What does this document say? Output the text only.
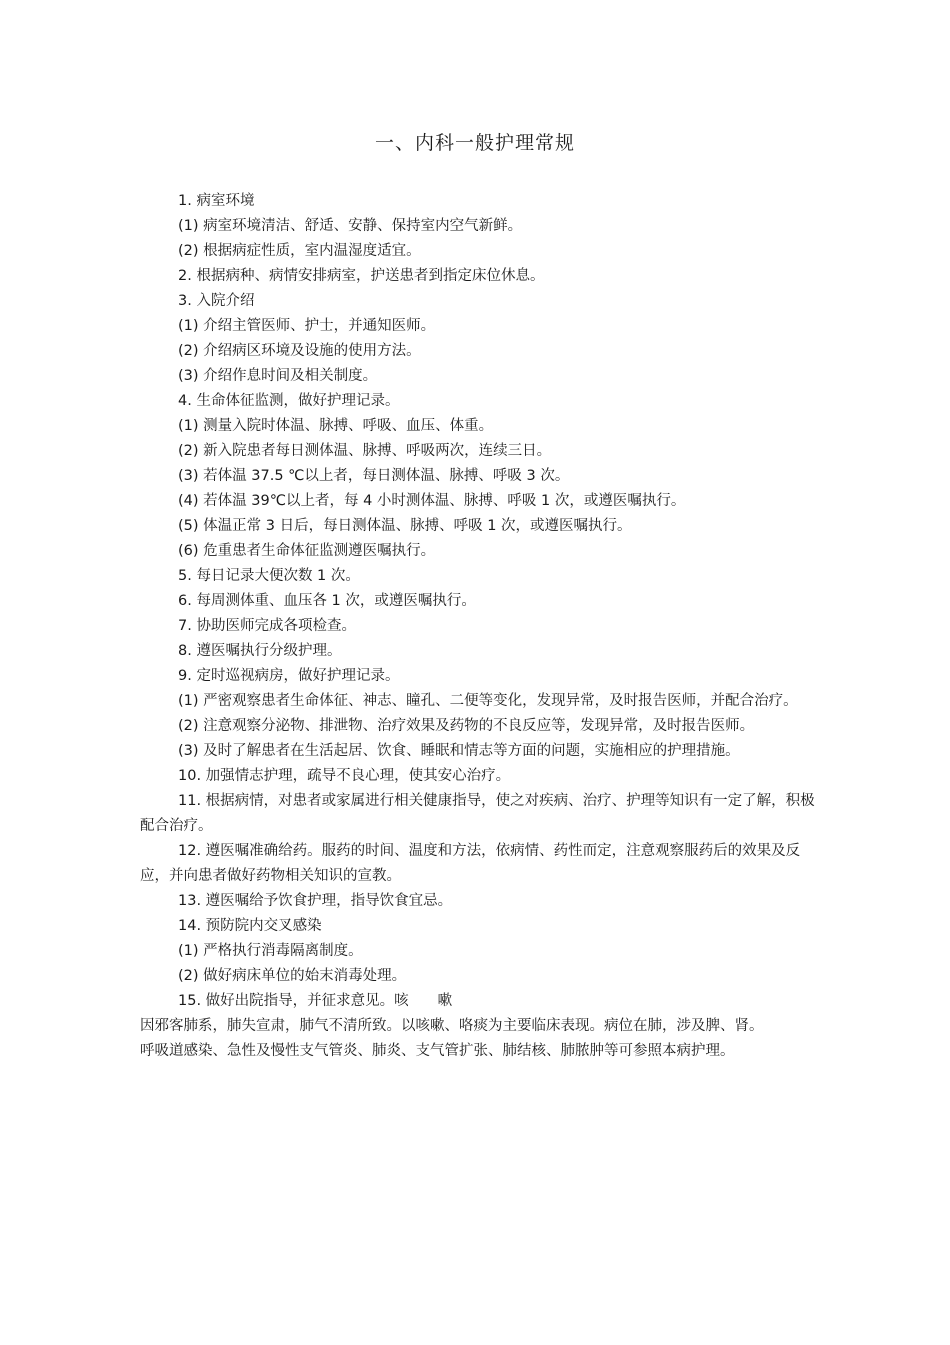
一、内科一般护理常规
1. 病室环境
(1) 病室环境清洁、舒适、安静、保持室内空气新鲜。
(2) 根据病症性质，室内温湿度适宜。
2. 根据病种、病情安排病室，护送患者到指定床位休息。
3. 入院介绍
(1) 介绍主管医师、护士，并通知医师。
(2) 介绍病区环境及设施的使用方法。
(3) 介绍作息时间及相关制度。
4. 生命体征监测，做好护理记录。
(1) 测量入院时体温、脉搏、呼吸、血压、体重。
(2) 新入院患者每日测体温、脉搏、呼吸两次，连续三日。
(3) 若体温 37.5 ℃以上者，每日测体温、脉搏、呼吸 3 次。
(4) 若体温 39℃以上者，每 4 小时测体温、脉搏、呼吸 1 次，或遵医嘱执行。
(5) 体温正常 3 日后，每日测体温、脉搏、呼吸 1 次，或遵医嘱执行。
(6) 危重患者生命体征监测遵医嘱执行。
5. 每日记录大便次数 1 次。
6. 每周测体重、血压各 1 次，或遵医嘱执行。
7. 协助医师完成各项检查。
8. 遵医嘱执行分级护理。
9. 定时巡视病房，做好护理记录。
(1) 严密观察患者生命体征、神志、瞳孔、二便等变化，发现异常，及时报告医师，并配合治疗。
(2) 注意观察分泌物、排泄物、治疗效果及药物的不良反应等，发现异常，及时报告医师。
(3) 及时了解患者在生活起居、饮食、睡眠和情志等方面的问题，实施相应的护理措施。
10. 加强情志护理，疏导不良心理，使其安心治疗。
11. 根据病情，对患者或家属进行相关健康指导，使之对疾病、治疗、护理等知识有一定了解，积极配合治疗。
12. 遵医嘱准确给药。服药的时间、温度和方法，依病情、药性而定，注意观察服药后的效果及反应，并向患者做好药物相关知识的宣教。
13. 遵医嘱给予饮食护理，指导饮食宜忌。
14. 预防院内交叉感染
(1) 严格执行消毒隔离制度。
(2) 做好病床单位的始末消毒处理。
15. 做好出院指导，并征求意见。咳　　嗽
因邪客肺系，肺失宣肃，肺气不清所致。以咳嗽、咯痰为主要临床表现。病位在肺，涉及脾、肾。呼吸道感染、急性及慢性支气管炎、肺炎、支气管扩张、肺结核、肺脓肿等可参照本病护理。
